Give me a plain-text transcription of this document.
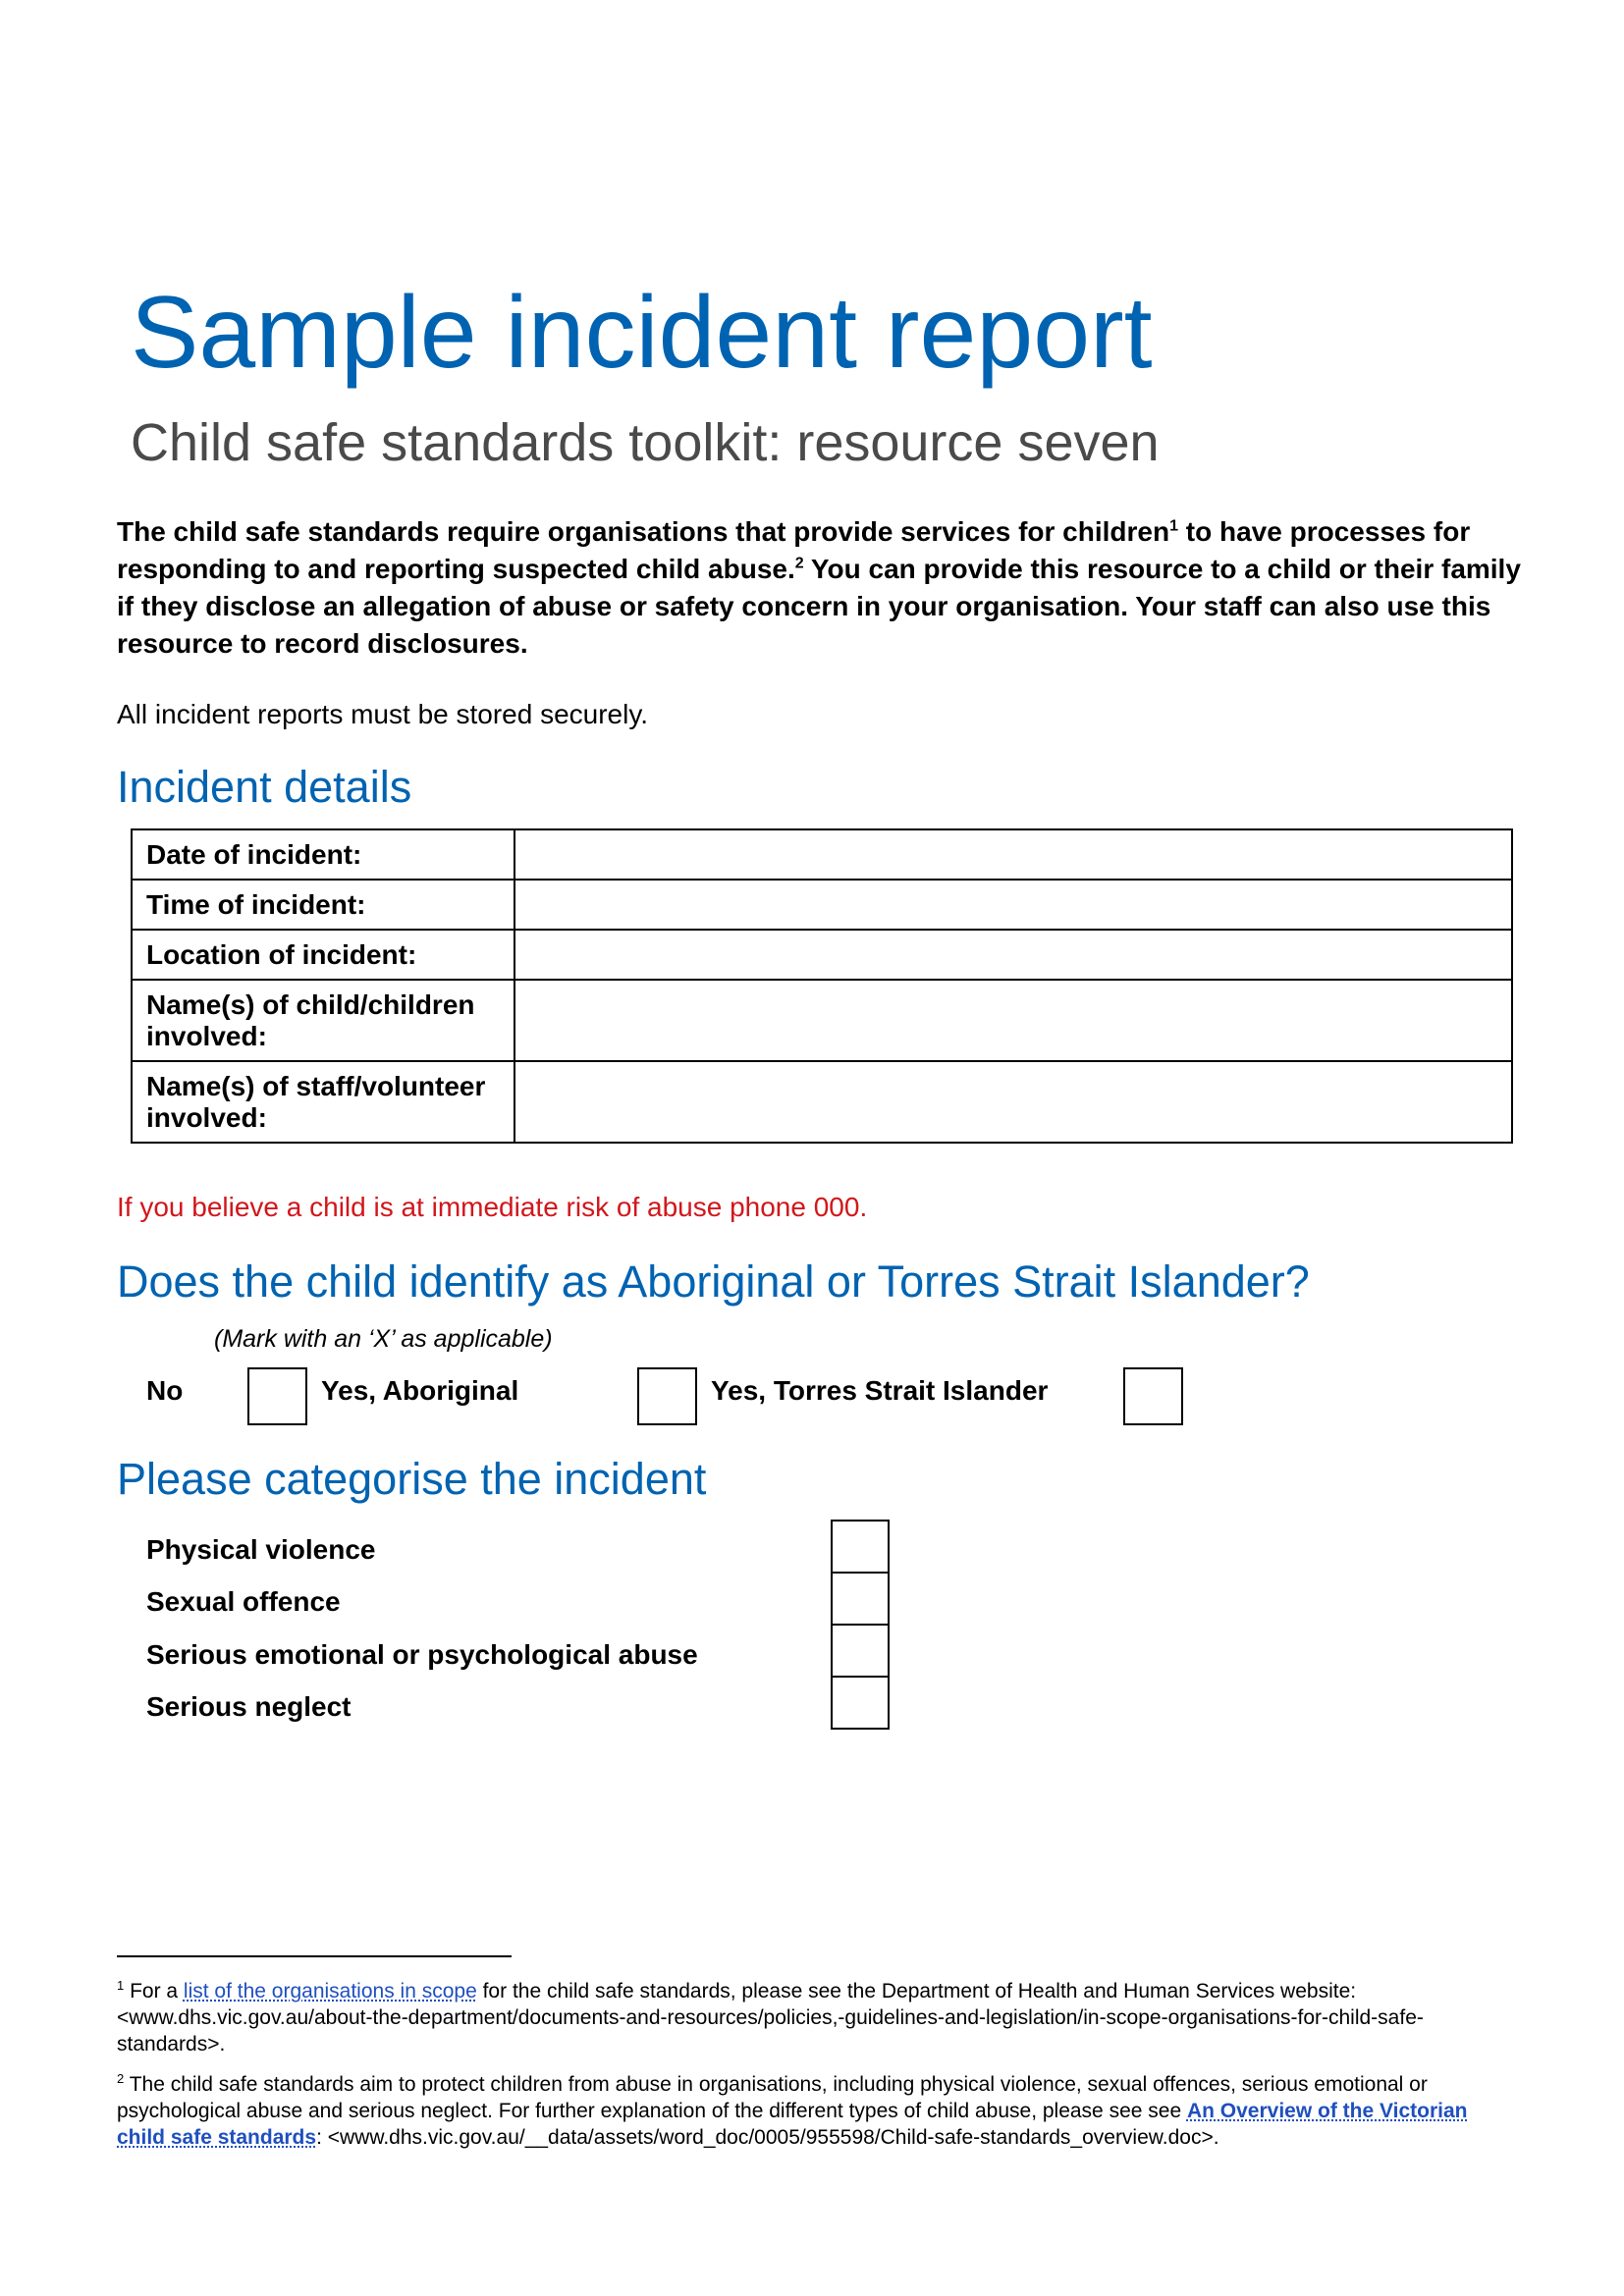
Sample incident report
Child safe standards toolkit: resource seven
The child safe standards require organisations that provide services for children$^1$ to have processes for responding to and reporting suspected child abuse.$^2$ You can provide this resource to a child or their family if they disclose an allegation of abuse or safety concern in your organisation. Your staff can also use this resource to record disclosures.
All incident reports must be stored securely.
Incident details
Date of incident:	
Time of incident:	
Location of incident:	
Name(s) of child/children involved:	
Name(s) of staff/volunteer involved:	
If you believe a child is at immediate risk of abuse phone 000.
Does the child identify as Aboriginal or Torres Strait Islander?
(Mark with an ‘X’ as applicable)
No	Yes, Aboriginal	Yes, Torres Strait Islander
Please categorise the incident
Physical violence
Sexual offence
Serious emotional or psychological abuse
Serious neglect
$^1$ For a list of the organisations in scope for the child safe standards, please see the Department of Health and Human Services website: <www.dhs.vic.gov.au/about-the-department/documents-and-resources/policies,-guidelines-and-legislation/in-scope-organisations-for-child-safe-standards>.
$^2$ The child safe standards aim to protect children from abuse in organisations, including physical violence, sexual offences, serious emotional or psychological abuse and serious neglect. For further explanation of the different types of child abuse, please see see An Overview of the Victorian child safe standards: <www.dhs.vic.gov.au/__data/assets/word_doc/0005/955598/Child-safe-standards_overview.doc>.
